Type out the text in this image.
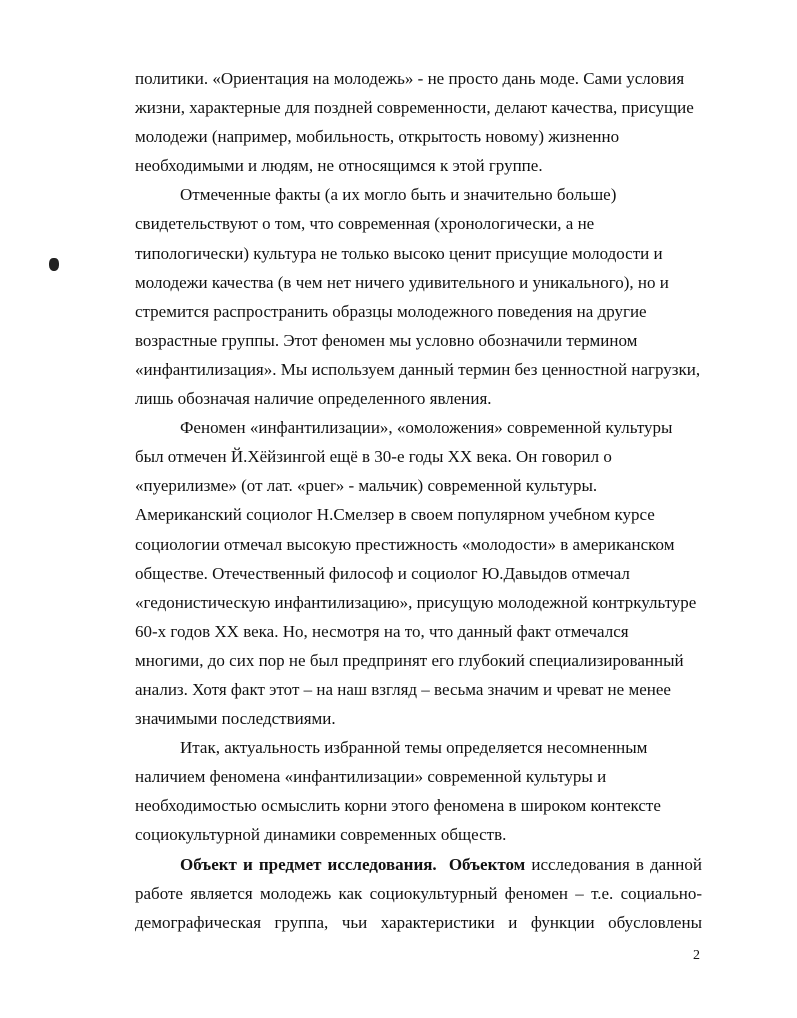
политики. «Ориентация на молодежь» - не просто дань моде. Сами условия
жизни, характерные для поздней современности, делают качества, присущие
молодежи (например, мобильность, открытость новому) жизненно
необходимыми и людям, не относящимся к этой группе.

Отмеченные факты (а их могло быть и значительно больше)
свидетельствуют о том, что современная (хронологически, а не
типологически) культура не только высоко ценит присущие молодости и
молодежи качества (в чем нет ничего удивительного и уникального), но и
стремится распространить образцы молодежного поведения на другие
возрастные группы. Этот феномен мы условно обозначили термином
«инфантилизация». Мы используем данный термин без ценностной нагрузки,
лишь обозначая наличие определенного явления.

Феномен «инфантилизации», «омоложения» современной культуры
был отмечен Й.Хёйзингой ещё в 30-е годы XX века. Он говорил о
«пуерилизме» (от лат. «puer» - мальчик) современной культуры.
Американский социолог Н.Смелзер в своем популярном учебном курсе
социологии отмечал высокую престижность «молодости» в американском
обществе. Отечественный философ и социолог Ю.Давыдов отмечал
«гедонистическую инфантилизацию», присущую молодежной контркультуре
60-х годов XX века. Но, несмотря на то, что данный факт отмечался
многими, до сих пор не был предпринят его глубокий специализированный
анализ. Хотя факт этот – на наш взгляд – весьма значим и чреват не менее
значимыми последствиями.

Итак, актуальность избранной темы определяется несомненным
наличием феномена «инфантилизации» современной культуры и
необходимостью осмыслить корни этого феномена в широком контексте
социокультурной динамики современных обществ.

Объект и предмет исследования. Объектом исследования в данной
работе является молодежь как социокультурный феномен – т.е. социально-
демографическая группа, чьи характеристики и функции обусловлены

2
